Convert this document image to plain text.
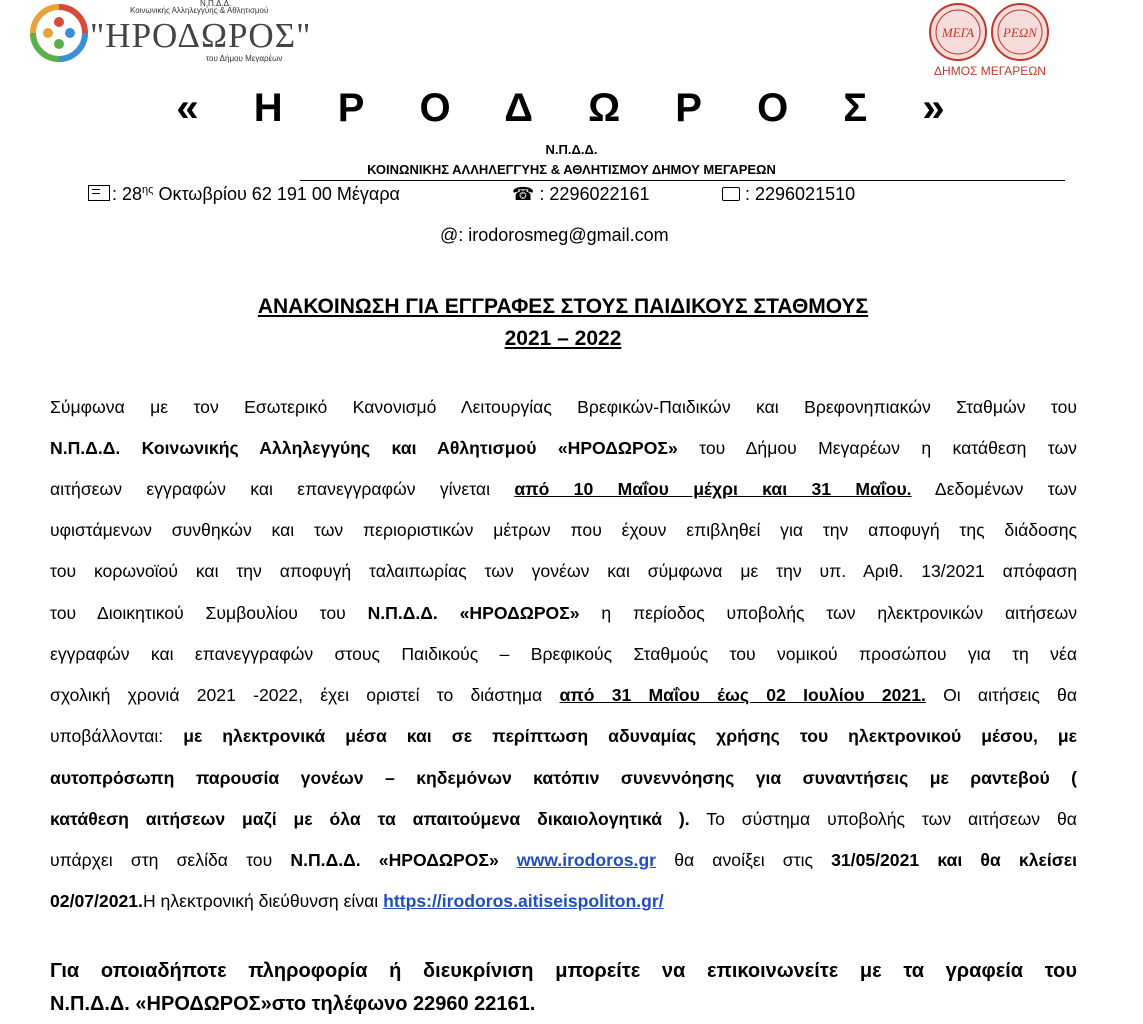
Ν.Π.Δ.Δ.
Κοινωνικής Αλληλεγγύης & Αθλητισμού
"ΗΡΟΔΩΡΟΣ"
του Δήμου Μεγαρέων
ΜΕΓΑ ΡΕΩΝ
ΔΗΜΟΣ ΜΕΓΑΡΕΩΝ
« Η Ρ Ο Δ Ω Ρ Ο Σ »
Ν.Π.Δ.Δ.
ΚΟΙΝΩΝΙΚΗΣ ΑΛΛΗΛΕΓΓΥΗΣ & ΑΘΛΗΤΙΣΜΟΥ ΔΗΜΟΥ ΜΕΓΑΡΕΩΝ
: $28^{\eta\varsigma}$ Οκτωβρίου 62 191 00 Μέγαρα	☎ : 2296022161	: 2296021510
@: irodorosmeg@gmail.com
ΑΝΑΚΟΙΝΩΣΗ ΓΙΑ ΕΓΓΡΑΦΕΣ ΣΤΟΥΣ ΠΑΙΔΙΚΟΥΣ ΣΤΑΘΜΟΥΣ
2021 – 2022
Σύμφωνα με τον Εσωτερικό Κανονισμό Λειτουργίας Βρεφικών-Παιδικών και Βρεφονηπιακών Σταθμών του
Ν.Π.Δ.Δ. Κοινωνικής Αλληλεγγύης και Αθλητισμού «ΗΡΟΔΩΡΟΣ» του Δήμου Μεγαρέων η κατάθεση των
αιτήσεων εγγραφών και επανεγγραφών γίνεται από 10 Μαΐου μέχρι και 31 Μαΐου. Δεδομένων των
υφιστάμενων συνθηκών και των περιοριστικών μέτρων που έχουν επιβληθεί για την αποφυγή της διάδοσης
του κορωνοϊού και την αποφυγή ταλαιπωρίας των γονέων και σύμφωνα με την υπ. Αριθ. 13/2021 απόφαση
του Διοικητικού Συμβουλίου του Ν.Π.Δ.Δ. «ΗΡΟΔΩΡΟΣ» η περίοδος υποβολής των ηλεκτρονικών αιτήσεων
εγγραφών και επανεγγραφών στους Παιδικούς – Βρεφικούς Σταθμούς του νομικού προσώπου για τη νέα
σχολική χρονιά 2021 -2022, έχει οριστεί το διάστημα από 31 Μαΐου έως 02 Ιουλίου 2021. Οι αιτήσεις θα
υποβάλλονται: με ηλεκτρονικά μέσα και σε περίπτωση αδυναμίας χρήσης του ηλεκτρονικού μέσου, με
αυτοπρόσωπη παρουσία γονέων – κηδεμόνων κατόπιν συνεννόησης για συναντήσεις με ραντεβού (
κατάθεση αιτήσεων μαζί με όλα τα απαιτούμενα δικαιολογητικά ). Το σύστημα υποβολής των αιτήσεων θα
υπάρχει στη σελίδα του Ν.Π.Δ.Δ. «ΗΡΟΔΩΡΟΣ» www.irodoros.gr θα ανοίξει στις 31/05/2021 και θα κλείσει
02/07/2021.Η ηλεκτρονική διεύθυνση είναι https://irodoros.aitiseispoliton.gr/
Για οποιαδήποτε πληροφορία ή διευκρίνιση μπορείτε να επικοινωνείτε με τα γραφεία του
Ν.Π.Δ.Δ. «ΗΡΟΔΩΡΟΣ»στο τηλέφωνο 22960 22161.
